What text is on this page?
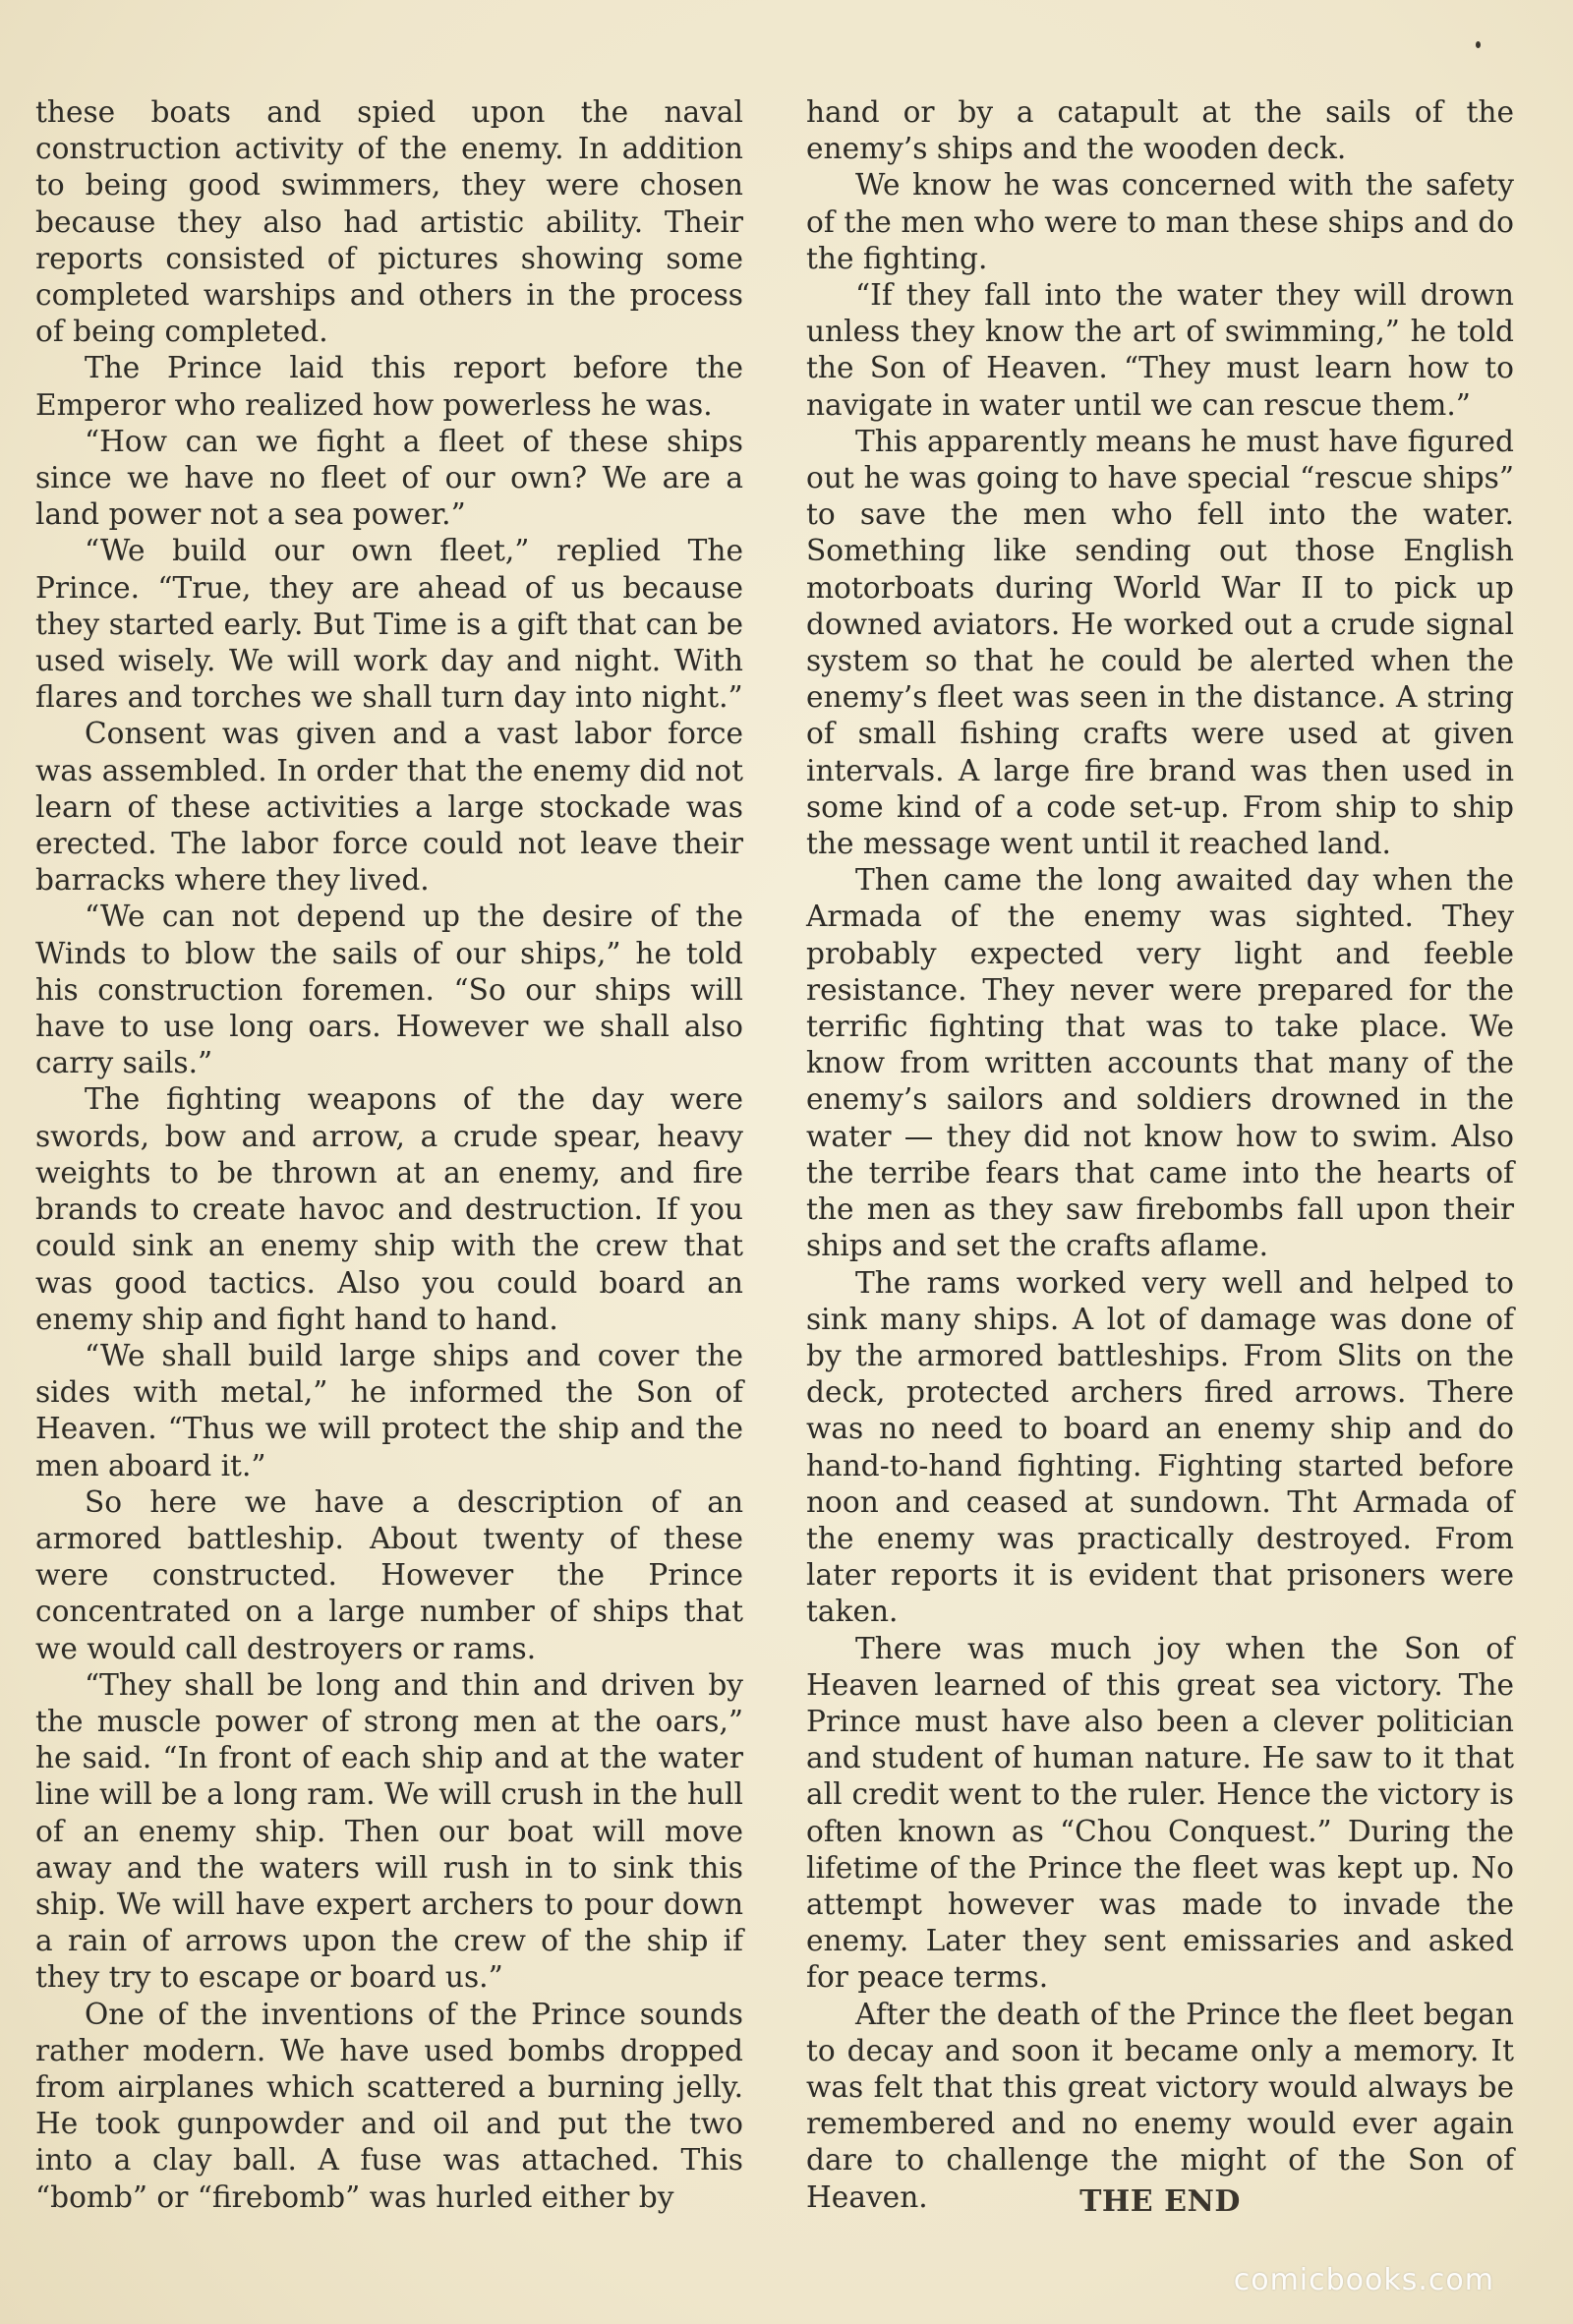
these boats and spied upon the naval construction activity of the enemy. In addition to being good swimmers, they were chosen because they also had artistic ability. Their reports consisted of pictures showing some completed warships and others in the process of being completed.

The Prince laid this report before the Emperor who realized how powerless he was.

“How can we fight a fleet of these ships since we have no fleet of our own? We are a land power not a sea power.”

“We build our own fleet,” replied The Prince. “True, they are ahead of us because they started early. But Time is a gift that can be used wisely. We will work day and night. With flares and torches we shall turn day into night.”

Consent was given and a vast labor force was assembled. In order that the enemy did not learn of these activities a large stockade was erected. The labor force could not leave their barracks where they lived.

“We can not depend up the desire of the Winds to blow the sails of our ships,” he told his construction foremen. “So our ships will have to use long oars. However we shall also carry sails.”

The fighting weapons of the day were swords, bow and arrow, a crude spear, heavy weights to be thrown at an enemy, and fire brands to create havoc and destruction. If you could sink an enemy ship with the crew that was good tactics. Also you could board an enemy ship and fight hand to hand.

“We shall build large ships and cover the sides with metal,” he informed the Son of Heaven. “Thus we will protect the ship and the men aboard it.”

So here we have a description of an armored battleship. About twenty of these were constructed. However the Prince concentrated on a large number of ships that we would call destroyers or rams.

“They shall be long and thin and driven by the muscle power of strong men at the oars,” he said. “In front of each ship and at the water line will be a long ram. We will crush in the hull of an enemy ship. Then our boat will move away and the waters will rush in to sink this ship. We will have expert archers to pour down a rain of arrows upon the crew of the ship if they try to escape or board us.”

One of the inventions of the Prince sounds rather modern. We have used bombs dropped from airplanes which scattered a burning jelly. He took gunpowder and oil and put the two into a clay ball. A fuse was attached. This “bomb” or “firebomb” was hurled either by

hand or by a catapult at the sails of the enemy’s ships and the wooden deck.

We know he was concerned with the safety of the men who were to man these ships and do the fighting.

“If they fall into the water they will drown unless they know the art of swimming,” he told the Son of Heaven. “They must learn how to navigate in water until we can rescue them.”

This apparently means he must have figured out he was going to have special “rescue ships” to save the men who fell into the water. Something like sending out those English motorboats during World War II to pick up downed aviators. He worked out a crude signal system so that he could be alerted when the enemy’s fleet was seen in the distance. A string of small fishing crafts were used at given intervals. A large fire brand was then used in some kind of a code set-up. From ship to ship the message went until it reached land.

Then came the long awaited day when the Armada of the enemy was sighted. They probably expected very light and feeble resistance. They never were prepared for the terrific fighting that was to take place. We know from written accounts that many of the enemy’s sailors and soldiers drowned in the water — they did not know how to swim. Also the terribe fears that came into the hearts of the men as they saw firebombs fall upon their ships and set the crafts aflame.

The rams worked very well and helped to sink many ships. A lot of damage was done of by the armored battleships. From Slits on the deck, protected archers fired arrows. There was no need to board an enemy ship and do hand-to-hand fighting. Fighting started before noon and ceased at sundown. Tht Armada of the enemy was practically destroyed. From later reports it is evident that prisoners were taken.

There was much joy when the Son of Heaven learned of this great sea victory. The Prince must have also been a clever politician and student of human nature. He saw to it that all credit went to the ruler. Hence the victory is often known as “Chou Conquest.” During the lifetime of the Prince the fleet was kept up. No attempt however was made to invade the enemy. Later they sent emissaries and asked for peace terms.

After the death of the Prince the fleet began to decay and soon it became only a memory. It was felt that this great victory would always be remembered and no enemy would ever again dare to challenge the might of the Son of Heaven.	THE END
comicbooks.com
